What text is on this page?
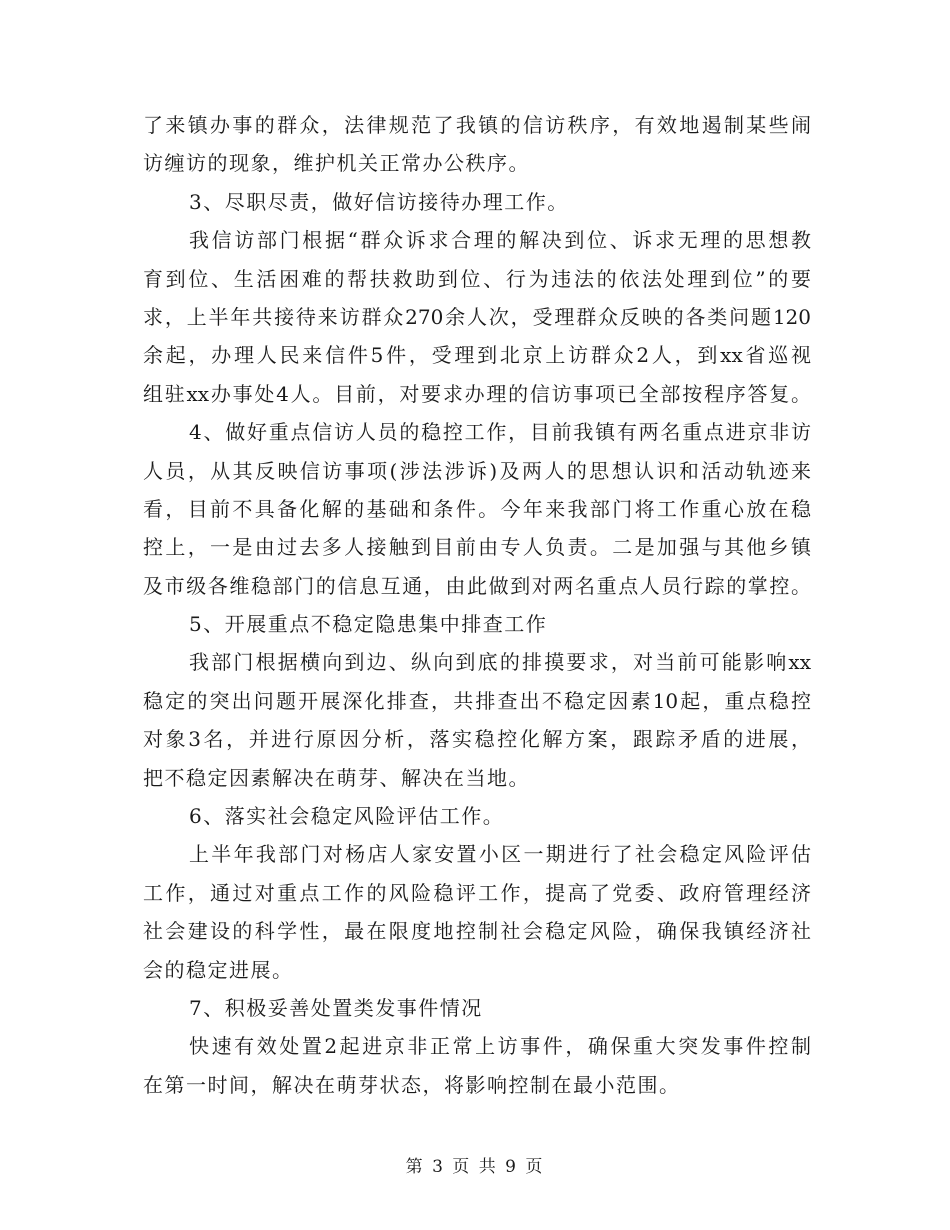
了来镇办事的群众，法律规范了我镇的信访秩序，有效地遏制某些闹
访缠访的现象，维护机关正常办公秩序。
3、尽职尽责，做好信访接待办理工作。
我信访部门根据“群众诉求合理的解决到位、诉求无理的思想教
育到位、生活困难的帮扶救助到位、行为违法的依法处理到位”的要
求，上半年共接待来访群众270余人次，受理群众反映的各类问题120
余起，办理人民来信件5件，受理到北京上访群众2人，到xx省巡视
组驻xx办事处4人。目前，对要求办理的信访事项已全部按程序答复。
4、做好重点信访人员的稳控工作，目前我镇有两名重点进京非访
人员，从其反映信访事项(涉法涉诉)及两人的思想认识和活动轨迹来
看，目前不具备化解的基础和条件。今年来我部门将工作重心放在稳
控上，一是由过去多人接触到目前由专人负责。二是加强与其他乡镇
及市级各维稳部门的信息互通，由此做到对两名重点人员行踪的掌控。
5、开展重点不稳定隐患集中排查工作
我部门根据横向到边、纵向到底的排摸要求，对当前可能影响xx
稳定的突出问题开展深化排查，共排查出不稳定因素10起，重点稳控
对象3名，并进行原因分析，落实稳控化解方案，跟踪矛盾的进展，
把不稳定因素解决在萌芽、解决在当地。
6、落实社会稳定风险评估工作。
上半年我部门对杨店人家安置小区一期进行了社会稳定风险评估
工作，通过对重点工作的风险稳评工作，提高了党委、政府管理经济
社会建设的科学性，最在限度地控制社会稳定风险，确保我镇经济社
会的稳定进展。
7、积极妥善处置类发事件情况
快速有效处置2起进京非正常上访事件，确保重大突发事件控制
在第一时间，解决在萌芽状态，将影响控制在最小范围。
第 3 页 共 9 页
